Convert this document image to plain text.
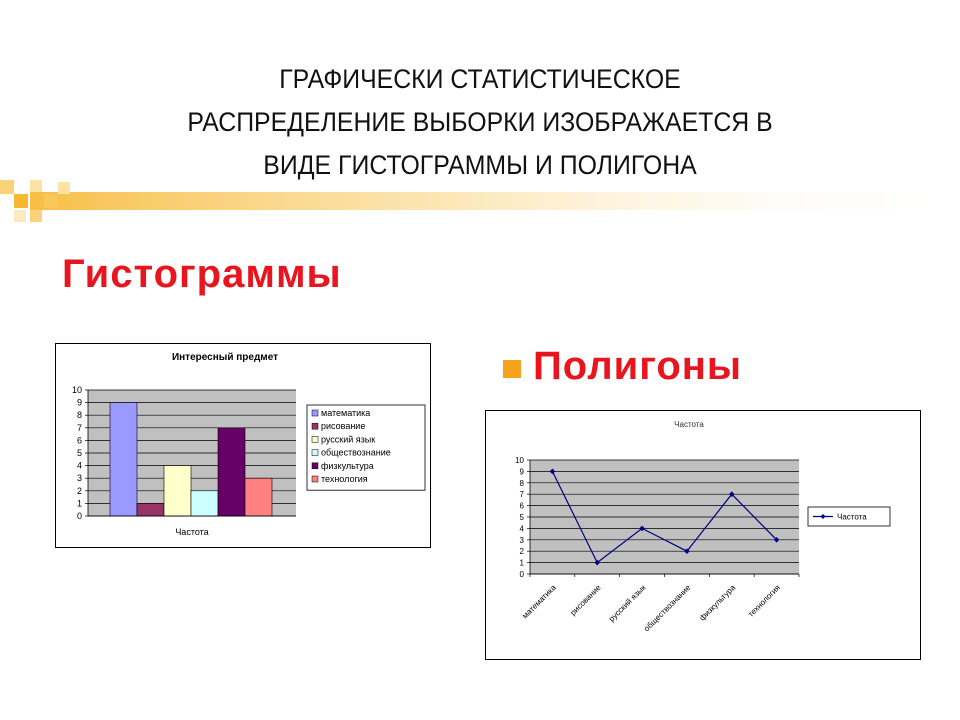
ГРАФИЧЕСКИ СТАТИСТИЧЕСКОЕ
РАСПРЕДЕЛЕНИЕ ВЫБОРКИ ИЗОБРАЖАЕТСЯ В
ВИДЕ ГИСТОГРАММЫ И ПОЛИГОНА
Гистограммы
Полигоны
Интересный предмет
0
1
2
3
4
5
6
7
8
9
10
Частота
математика
рисование
русский язык
обществознание
физкультура
технология
Частота
0
1
2
3
4
5
6
7
8
9
10
математика рисование русский язык
обществознание физкультура технология
Частота
